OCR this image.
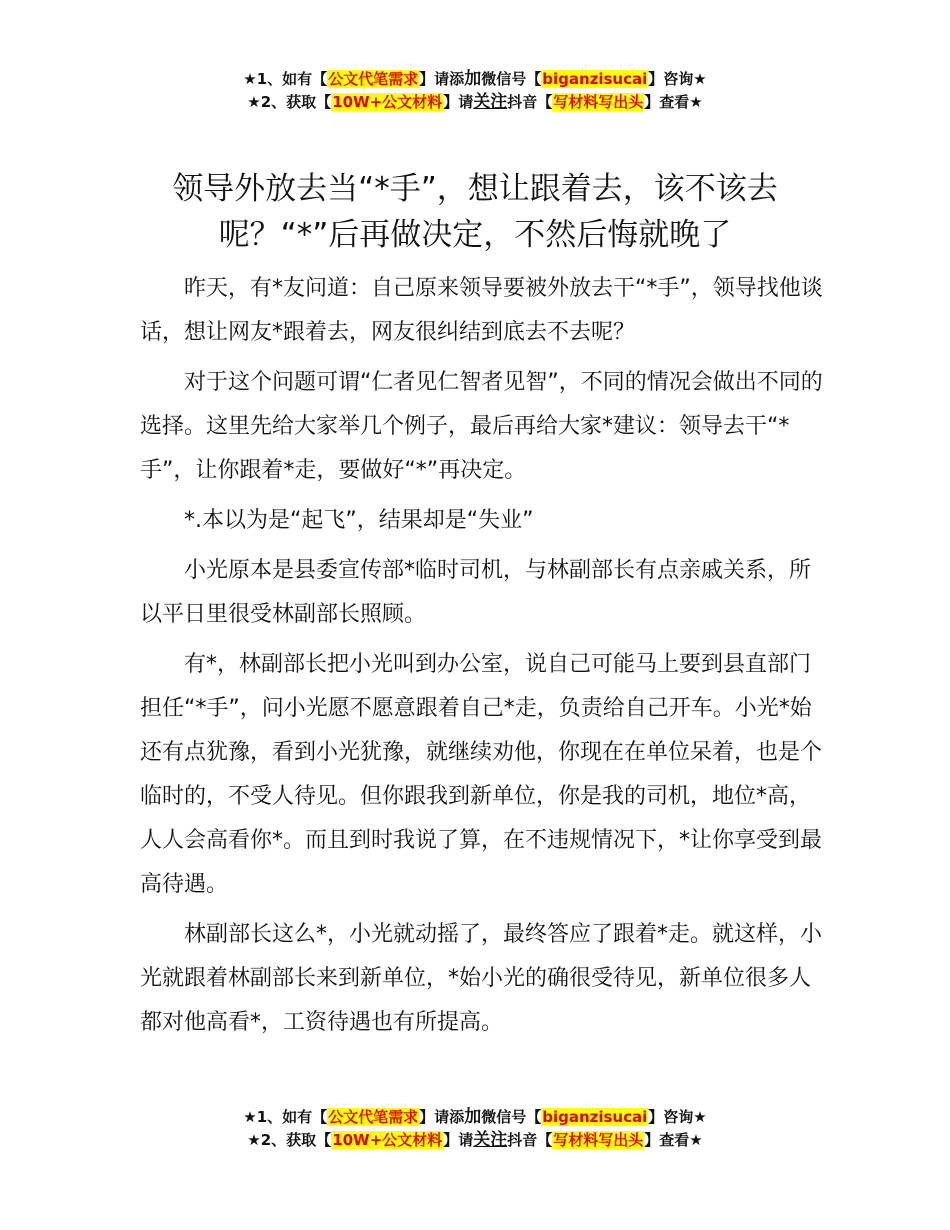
★1、如有【公文代笔需求】请添加微信号【biganzisucai】咨询★
★2、获取【10W+公文材料】请关注抖音【写材料写出头】查看★
领导外放去当“*手”，想让跟着去，该不该去
呢？“*”后再做决定，不然后悔就晚了

昨天，有*友问道：自己原来领导要被外放去干“*手”，领导找他谈话，想让网友*跟着去，网友很纠结到底去不去呢？

对于这个问题可谓“仁者见仁智者见智”，不同的情况会做出不同的选择。这里先给大家举几个例子，最后再给大家*建议：领导去干“*手”，让你跟着*走，要做好“*”再决定。

*.本以为是“起飞”，结果却是“失业”

小光原本是县委宣传部*临时司机，与林副部长有点亲戚关系，所以平日里很受林副部长照顾。

有*，林副部长把小光叫到办公室，说自己可能马上要到县直部门担任“*手”，问小光愿不愿意跟着自己*走，负责给自己开车。小光*始还有点犹豫，看到小光犹豫，就继续劝他，你现在在单位呆着，也是个临时的，不受人待见。但你跟我到新单位，你是我的司机，地位*高，人人会高看你*。而且到时我说了算，在不违规情况下，*让你享受到最高待遇。

林副部长这么*，小光就动摇了，最终答应了跟着*走。就这样，小光就跟着林副部长来到新单位，*始小光的确很受待见，新单位很多人都对他高看*，工资待遇也有所提高。

★1、如有【公文代笔需求】请添加微信号【biganzisucai】咨询★
★2、获取【10W+公文材料】请关注抖音【写材料写出头】查看★
